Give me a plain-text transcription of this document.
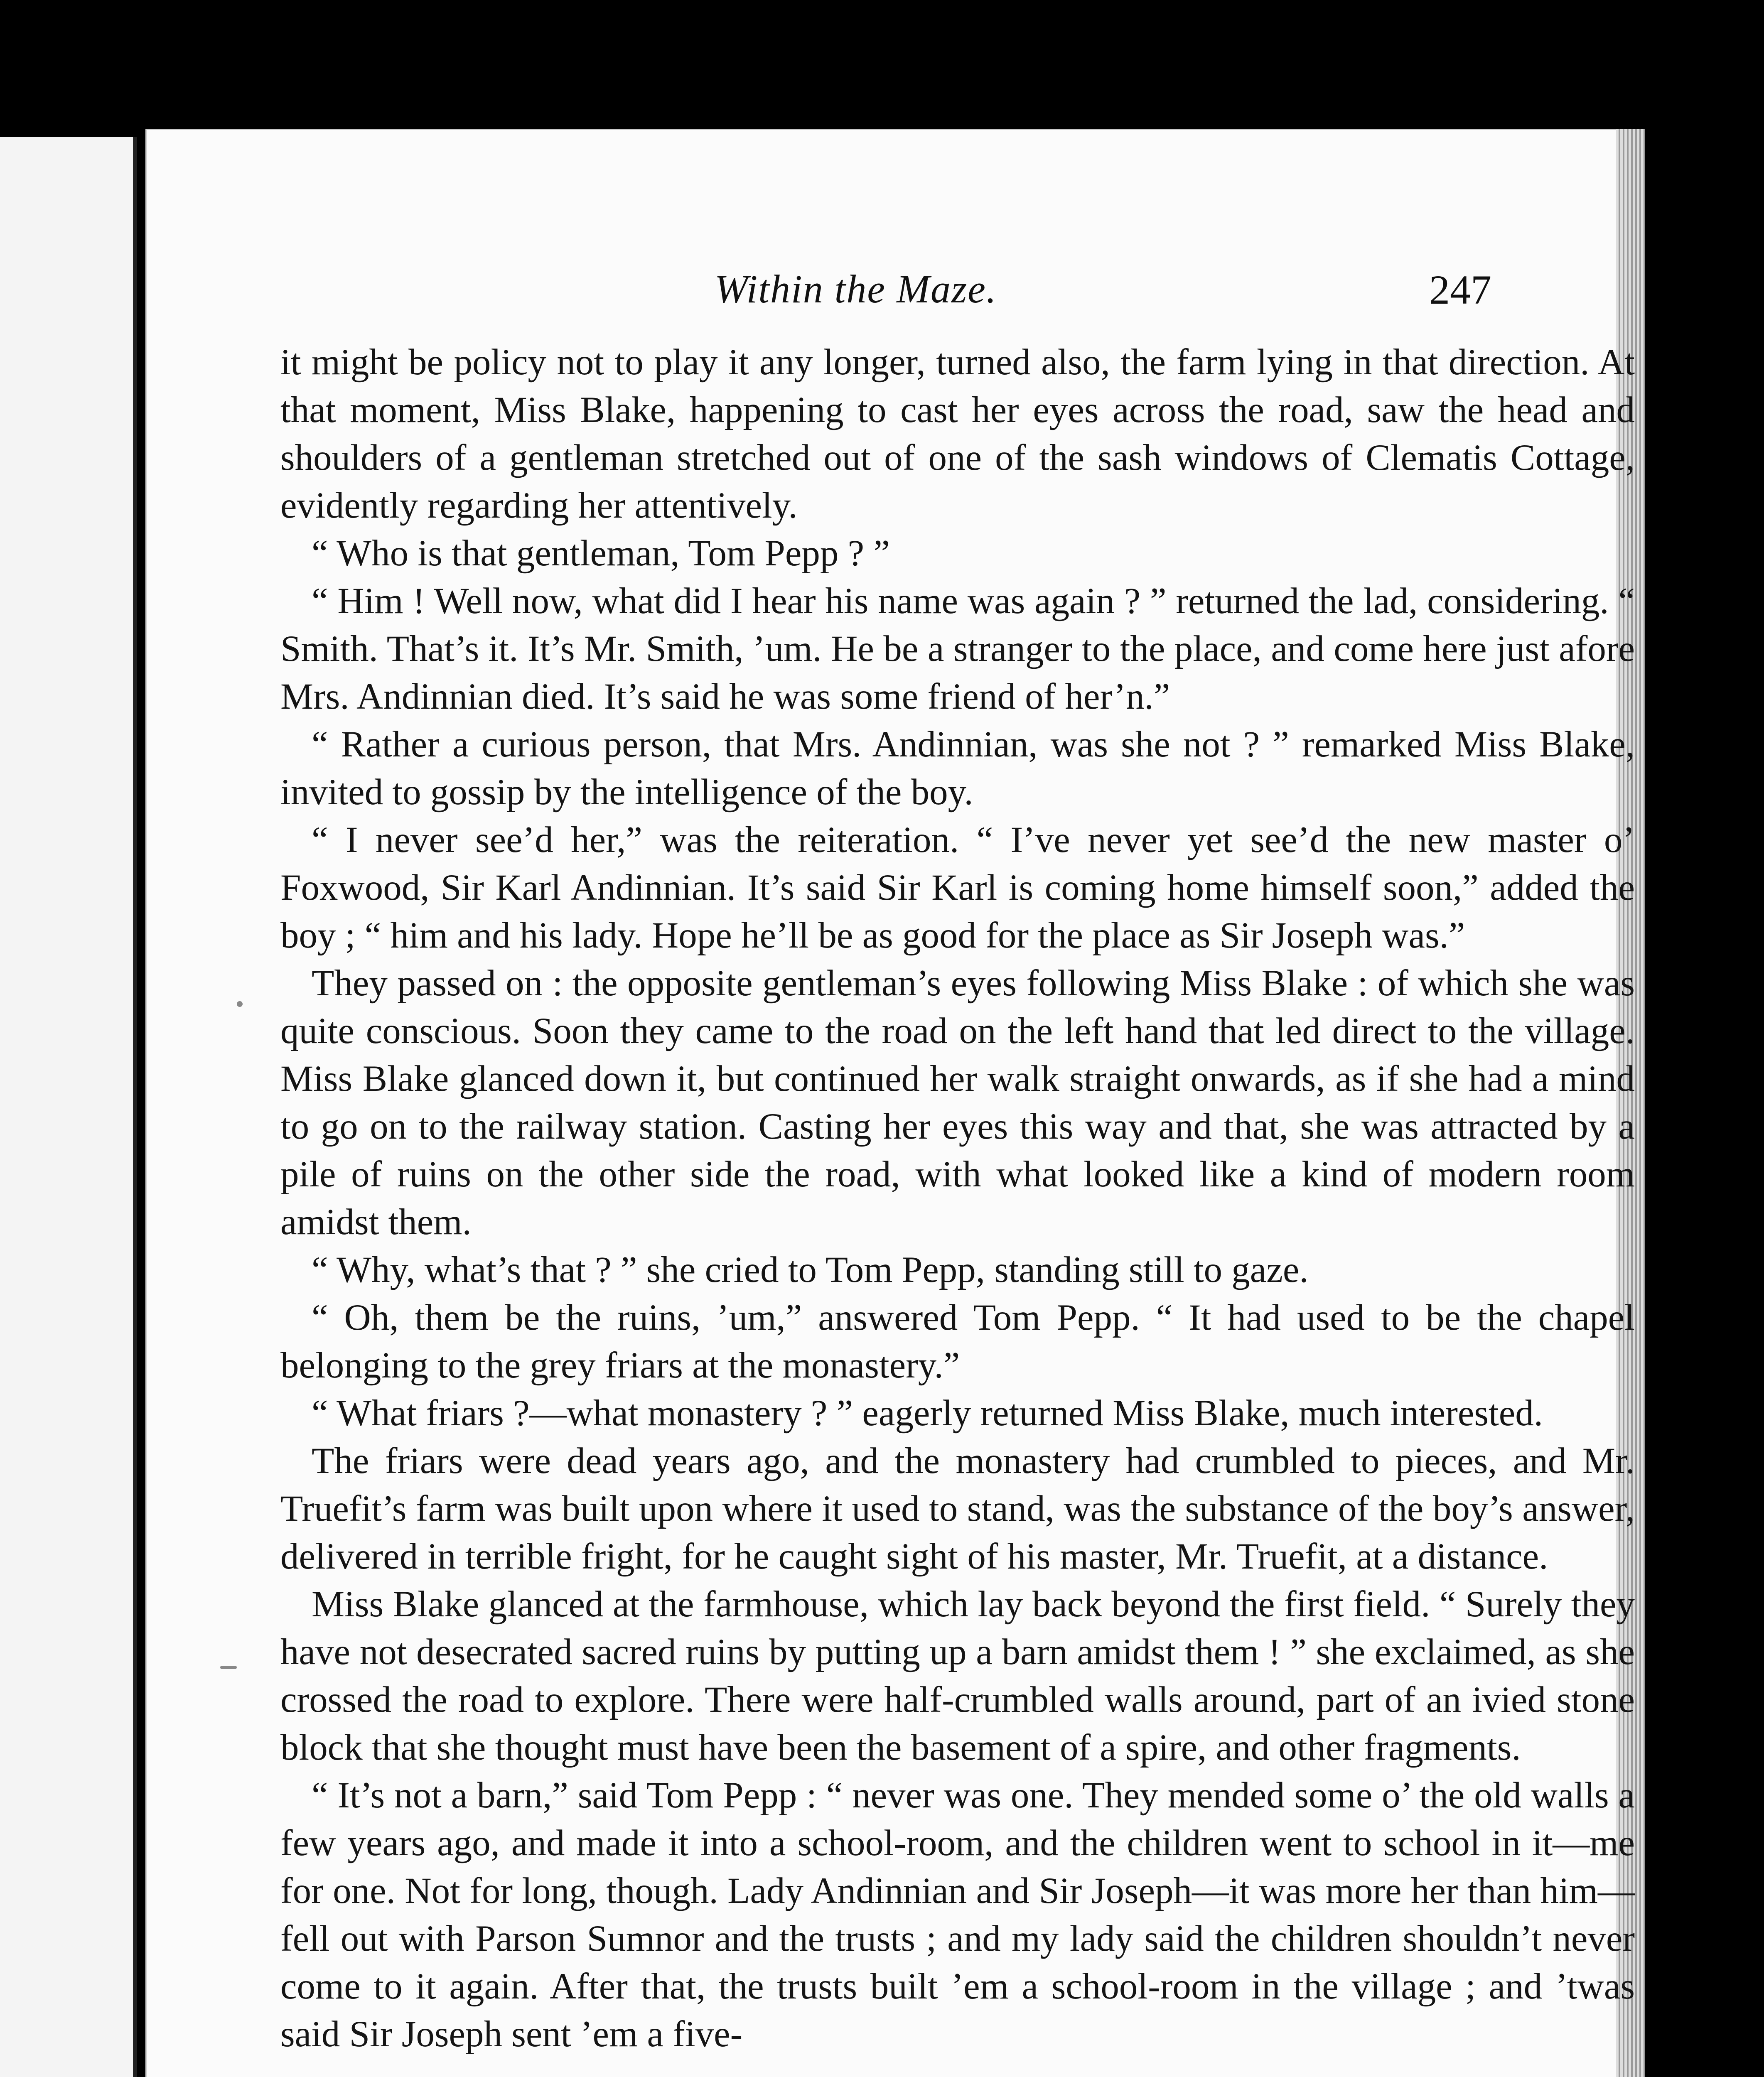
Within the Maze.	247

it might be policy not to play it any longer, turned also, the farm lying in that direction. At that moment, Miss Blake, happening to cast her eyes across the road, saw the head and shoulders of a gentleman stretched out of one of the sash windows of Clematis Cottage, evidently regarding her attentively.

“ Who is that gentleman, Tom Pepp ? ”

“ Him ! Well now, what did I hear his name was again ? ” returned the lad, considering. “ Smith. That’s it. It’s Mr. Smith, ’um. He be a stranger to the place, and come here just afore Mrs. Andinnian died. It’s said he was some friend of her’n.”

“ Rather a curious person, that Mrs. Andinnian, was she not ? ” remarked Miss Blake, invited to gossip by the intelligence of the boy.

“ I never see’d her,” was the reiteration. “ I’ve never yet see’d the new master o’ Foxwood, Sir Karl Andinnian. It’s said Sir Karl is coming home himself soon,” added the boy ; “ him and his lady. Hope he’ll be as good for the place as Sir Joseph was.”

They passed on : the opposite gentleman’s eyes following Miss Blake : of which she was quite conscious. Soon they came to the road on the left hand that led direct to the village. Miss Blake glanced down it, but continued her walk straight onwards, as if she had a mind to go on to the railway station. Casting her eyes this way and that, she was attracted by a pile of ruins on the other side the road, with what looked like a kind of modern room amidst them.

“ Why, what’s that ? ” she cried to Tom Pepp, standing still to gaze.

“ Oh, them be the ruins, ’um,” answered Tom Pepp. “ It had used to be the chapel belonging to the grey friars at the monastery.”

“ What friars ?—what monastery ? ” eagerly returned Miss Blake, much interested.

The friars were dead years ago, and the monastery had crumbled to pieces, and Mr. Truefit’s farm was built upon where it used to stand, was the substance of the boy’s answer, delivered in terrible fright, for he caught sight of his master, Mr. Truefit, at a distance.

Miss Blake glanced at the farmhouse, which lay back beyond the first field. “ Surely they have not desecrated sacred ruins by putting up a barn amidst them ! ” she exclaimed, as she crossed the road to explore. There were half-crumbled walls around, part of an ivied stone block that she thought must have been the basement of a spire, and other fragments.

“ It’s not a barn,” said Tom Pepp : “ never was one. They mended some o’ the old walls a few years ago, and made it into a school-room, and the children went to school in it—me for one. Not for long, though. Lady Andinnian and Sir Joseph—it was more her than him—fell out with Parson Sumnor and the trusts ; and my lady said the children shouldn’t never come to it again. After that, the trusts built ’em a school-room in the village ; and ’twas said Sir Joseph sent ’em a five-
